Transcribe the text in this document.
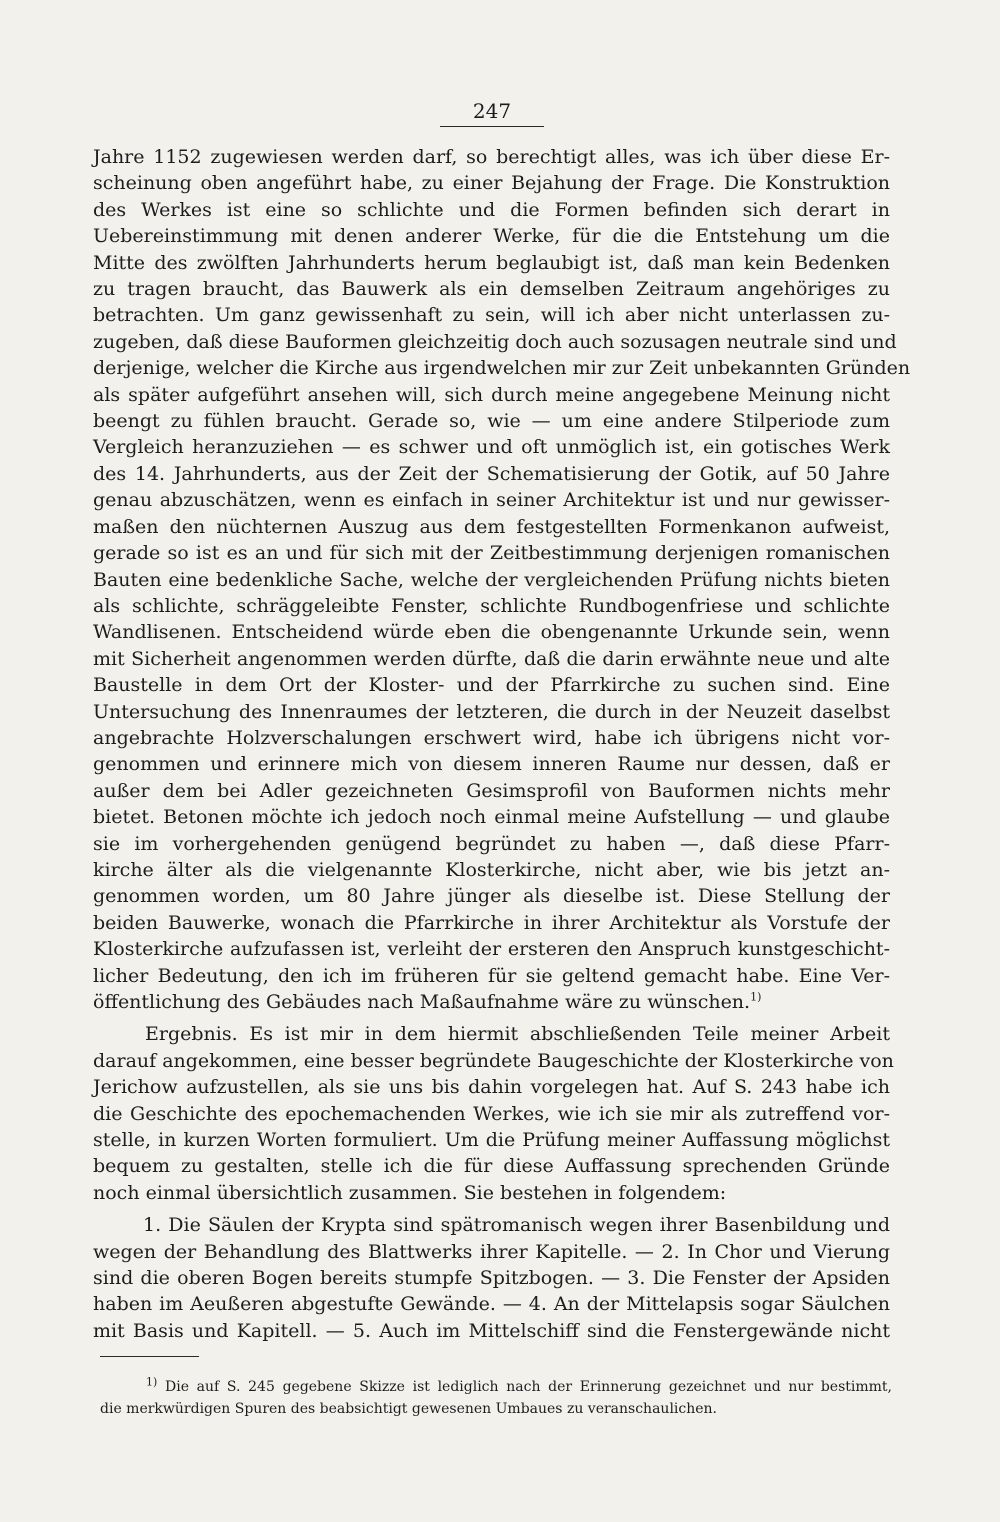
247
Jahre 1152 zugewiesen werden darf, so berechtigt alles, was ich über diese Er-
scheinung oben angeführt habe, zu einer Bejahung der Frage. Die Konstruktion
des Werkes ist eine so schlichte und die Formen befinden sich derart in
Uebereinstimmung mit denen anderer Werke, für die die Entstehung um die
Mitte des zwölften Jahrhunderts herum beglaubigt ist, daß man kein Bedenken
zu tragen braucht, das Bauwerk als ein demselben Zeitraum angehöriges zu
betrachten. Um ganz gewissenhaft zu sein, will ich aber nicht unterlassen zu-
zugeben, daß diese Bauformen gleichzeitig doch auch sozusagen neutrale sind und
derjenige, welcher die Kirche aus irgendwelchen mir zur Zeit unbekannten Gründen
als später aufgeführt ansehen will, sich durch meine angegebene Meinung nicht
beengt zu fühlen braucht. Gerade so, wie — um eine andere Stilperiode zum
Vergleich heranzuziehen — es schwer und oft unmöglich ist, ein gotisches Werk
des 14. Jahrhunderts, aus der Zeit der Schematisierung der Gotik, auf 50 Jahre
genau abzuschätzen, wenn es einfach in seiner Architektur ist und nur gewisser-
maßen den nüchternen Auszug aus dem festgestellten Formenkanon aufweist,
gerade so ist es an und für sich mit der Zeitbestimmung derjenigen romanischen
Bauten eine bedenkliche Sache, welche der vergleichenden Prüfung nichts bieten
als schlichte, schräggeleibte Fenster, schlichte Rundbogenfriese und schlichte
Wandlisenen. Entscheidend würde eben die obengenannte Urkunde sein, wenn
mit Sicherheit angenommen werden dürfte, daß die darin erwähnte neue und alte
Baustelle in dem Ort der Kloster- und der Pfarrkirche zu suchen sind. Eine
Untersuchung des Innenraumes der letzteren, die durch in der Neuzeit daselbst
angebrachte Holzverschalungen erschwert wird, habe ich übrigens nicht vor-
genommen und erinnere mich von diesem inneren Raume nur dessen, daß er
außer dem bei Adler gezeichneten Gesimsprofil von Bauformen nichts mehr
bietet. Betonen möchte ich jedoch noch einmal meine Aufstellung — und glaube
sie im vorhergehenden genügend begründet zu haben —, daß diese Pfarr-
kirche älter als die vielgenannte Klosterkirche, nicht aber, wie bis jetzt an-
genommen worden, um 80 Jahre jünger als dieselbe ist. Diese Stellung der
beiden Bauwerke, wonach die Pfarrkirche in ihrer Architektur als Vorstufe der
Klosterkirche aufzufassen ist, verleiht der ersteren den Anspruch kunstgeschicht-
licher Bedeutung, den ich im früheren für sie geltend gemacht habe. Eine Ver-
öffentlichung des Gebäudes nach Maßaufnahme wäre zu wünschen.$^{1)}$
Ergebnis. Es ist mir in dem hiermit abschließenden Teile meiner Arbeit
darauf angekommen, eine besser begründete Baugeschichte der Klosterkirche von
Jerichow aufzustellen, als sie uns bis dahin vorgelegen hat. Auf S. 243 habe ich
die Geschichte des epochemachenden Werkes, wie ich sie mir als zutreffend vor-
stelle, in kurzen Worten formuliert. Um die Prüfung meiner Auffassung möglichst
bequem zu gestalten, stelle ich die für diese Auffassung sprechenden Gründe
noch einmal übersichtlich zusammen. Sie bestehen in folgendem:
1. Die Säulen der Krypta sind spätromanisch wegen ihrer Basenbildung und
wegen der Behandlung des Blattwerks ihrer Kapitelle. — 2. In Chor und Vierung
sind die oberen Bogen bereits stumpfe Spitzbogen. — 3. Die Fenster der Apsiden
haben im Aeußeren abgestufte Gewände. — 4. An der Mittelapsis sogar Säulchen
mit Basis und Kapitell. — 5. Auch im Mittelschiff sind die Fenstergewände nicht
$^{1)}$ Die auf S. 245 gegebene Skizze ist lediglich nach der Erinnerung gezeichnet und nur bestimmt,
die merkwürdigen Spuren des beabsichtigt gewesenen Umbaues zu veranschaulichen.
